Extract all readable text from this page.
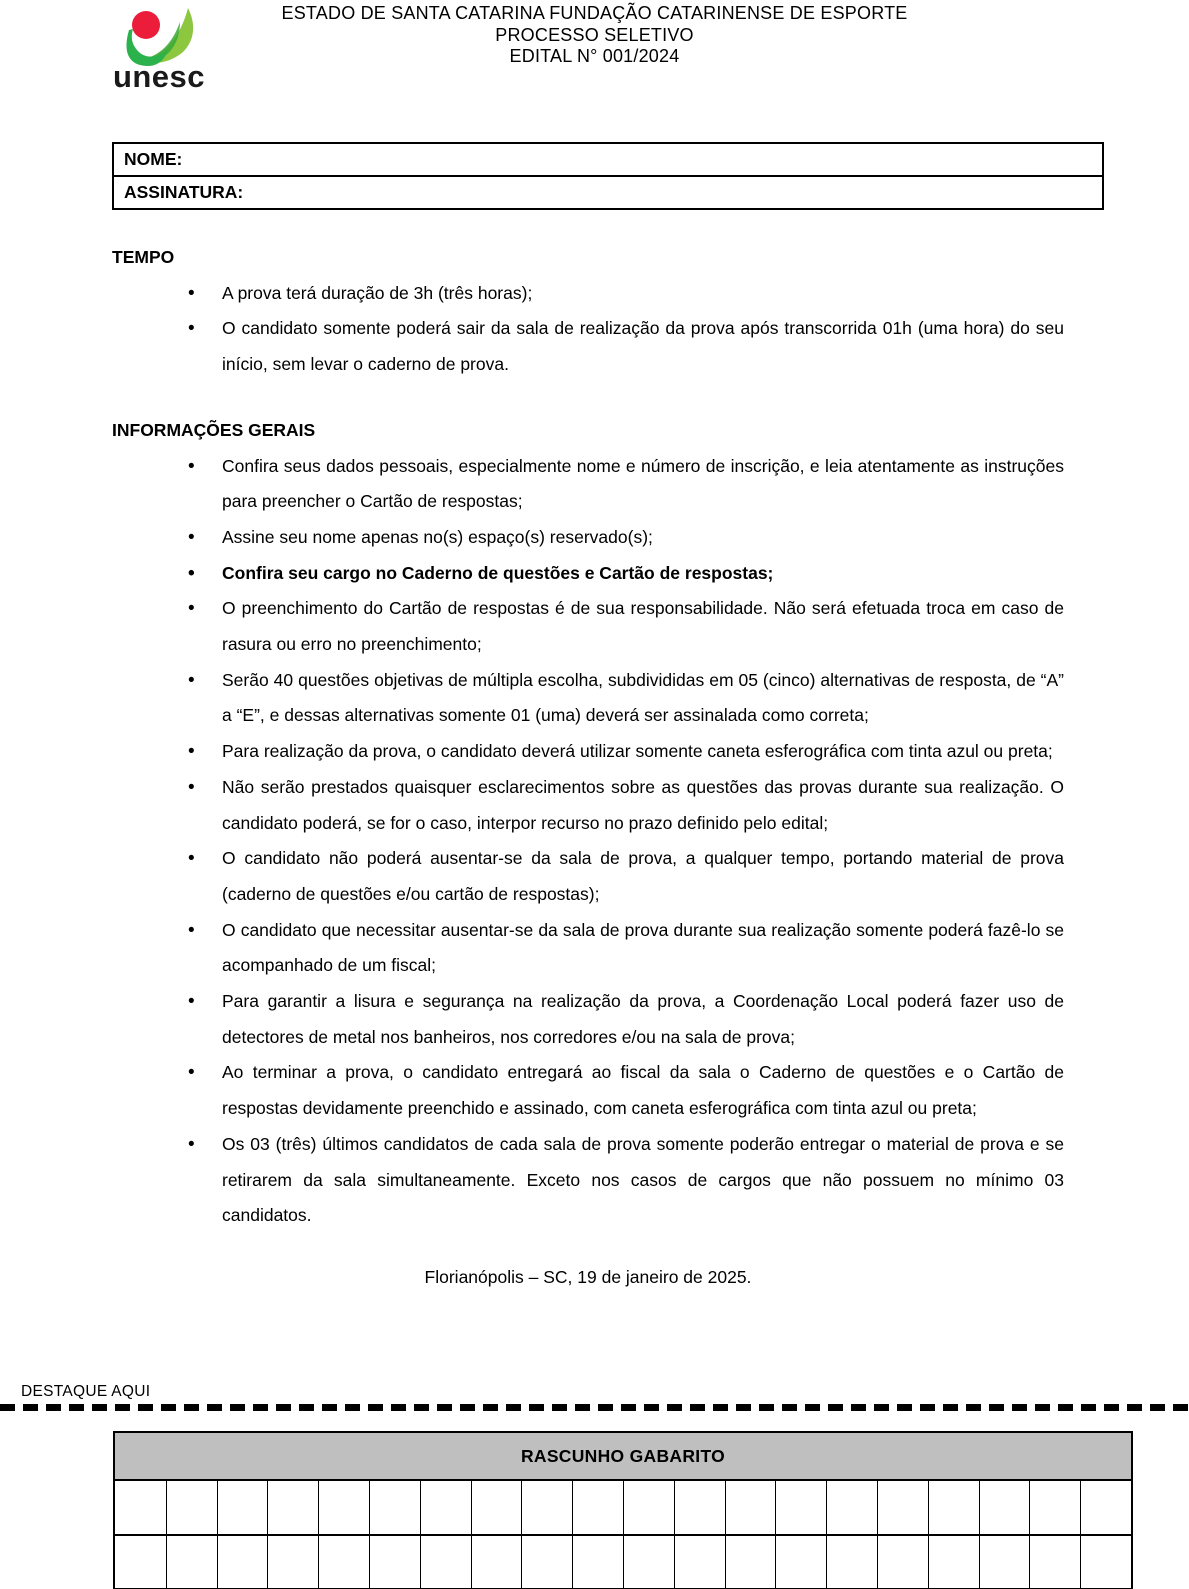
unesc
ESTADO DE SANTA CATARINA FUNDAÇÃO CATARINENSE DE ESPORTE
PROCESSO SELETIVO
EDITAL N° 001/2024
NOME:
ASSINATURA:
TEMPO
• A prova terá duração de 3h (três horas);
• O candidato somente poderá sair da sala de realização da prova após transcorrida 01h (uma hora) do seu início, sem levar o caderno de prova.
INFORMAÇÕES GERAIS
• Confira seus dados pessoais, especialmente nome e número de inscrição, e leia atentamente as instruções para preencher o Cartão de respostas;
• Assine seu nome apenas no(s) espaço(s) reservado(s);
• Confira seu cargo no Caderno de questões e Cartão de respostas;
• O preenchimento do Cartão de respostas é de sua responsabilidade. Não será efetuada troca em caso de rasura ou erro no preenchimento;
• Serão 40 questões objetivas de múltipla escolha, subdivididas em 05 (cinco) alternativas de resposta, de “A” a “E”, e dessas alternativas somente 01 (uma) deverá ser assinalada como correta;
• Para realização da prova, o candidato deverá utilizar somente caneta esferográfica com tinta azul ou preta;
• Não serão prestados quaisquer esclarecimentos sobre as questões das provas durante sua realização. O candidato poderá, se for o caso, interpor recurso no prazo definido pelo edital;
• O candidato não poderá ausentar-se da sala de prova, a qualquer tempo, portando material de prova (caderno de questões e/ou cartão de respostas);
• O candidato que necessitar ausentar-se da sala de prova durante sua realização somente poderá fazê-lo se acompanhado de um fiscal;
• Para garantir a lisura e segurança na realização da prova, a Coordenação Local poderá fazer uso de detectores de metal nos banheiros, nos corredores e/ou na sala de prova;
• Ao terminar a prova, o candidato entregará ao fiscal da sala o Caderno de questões e o Cartão de respostas devidamente preenchido e assinado, com caneta esferográfica com tinta azul ou preta;
• Os 03 (três) últimos candidatos de cada sala de prova somente poderão entregar o material de prova e se retirarem da sala simultaneamente. Exceto nos casos de cargos que não possuem no mínimo 03 candidatos.
Florianópolis – SC, 19 de janeiro de 2025.
DESTAQUE AQUI
RASCUNHO GABARITO
